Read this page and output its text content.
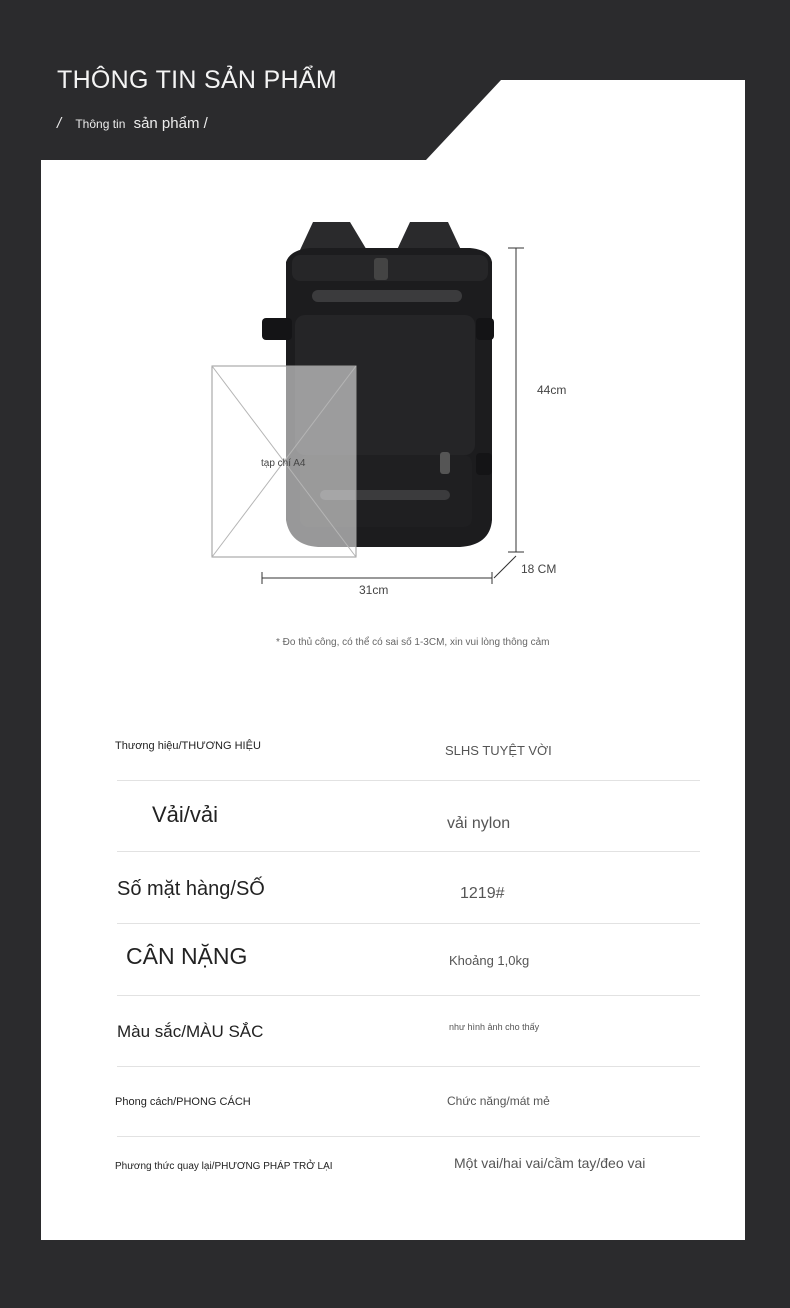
THÔNG TIN SẢN PHẨM
/ Thông tin sản phẩm /
44cm
31cm
18 CM
tạp chí A4
* Đo thủ công, có thể có sai số 1-3CM, xin vui lòng thông cảm
Thương hiệu/THƯƠNG HIỆU	SLHS TUYỆT VỜI
Vải/vải	vải nylon
Số mặt hàng/SỐ	1219#
CÂN NẶNG	Khoảng 1,0kg
Màu sắc/MÀU SẮC	như hình ảnh cho thấy
Phong cách/PHONG CÁCH	Chức năng/mát mẻ
Phương thức quay lại/PHƯƠNG PHÁP TRỞ LẠI	Một vai/hai vai/cầm tay/đeo vai
